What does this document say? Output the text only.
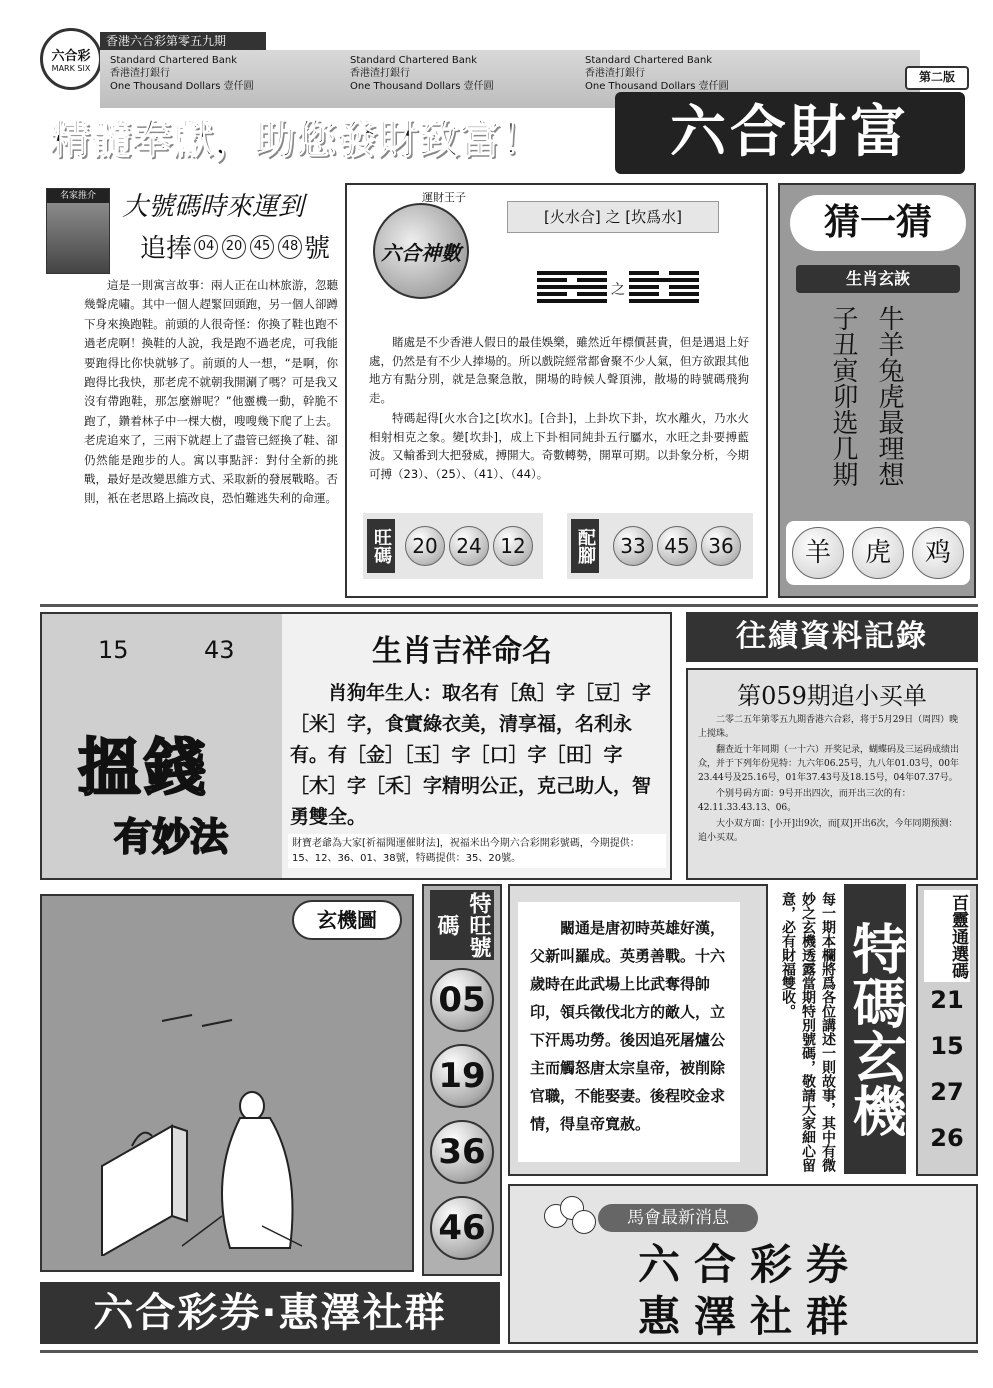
六合彩
MARK SIX
香港六合彩第零五九期
Standard Chartered Bank
香港渣打銀行
One Thousand Dollars 壹仟圓
Standard Chartered Bank
香港渣打銀行
One Thousand Dollars 壹仟圓
Standard Chartered Bank
香港渣打銀行
One Thousand Dollars 壹仟圓
第二版
精髓奉獻，助您發財致富！	六合財富
名家推介	大號碼時來運到
追捧 04 20 45 48 號
這是一則寓言故事：兩人正在山林旅游，忽聽幾聲虎嘯。其中一個人趕緊回頭跑，另一個人卻蹲下身來換跑鞋。前頭的人很奇怪：你換了鞋也跑不過老虎啊！換鞋的人說，我是跑不過老虎，可我能要跑得比你快就够了。前頭的人一想，“是啊，你跑得比我快，那老虎不就朝我開涮了嗎？可是我又沒有帶跑鞋，那怎麼辦呢？”他靈機一動，幹脆不跑了，鑽着林子中一棵大樹，嗖嗖幾下爬了上去。老虎追來了，三兩下就趕上了盡管已經換了鞋、卻仍然能是跑步的人。寓以事點評：對付全新的挑戰，最好是改變思維方式、采取新的發展戰略。否則，衹在老思路上搞改良，恐怕難逃失利的命運。
運財王子
六合神數
[火水合] 之 [坎爲水]
之
賭處是不少香港人假日的最佳娛樂，雖然近年標價甚貴，但是遇退上好處，仍然是有不少人捧場的。所以戲院經常都會聚不少人氣，但方欲跟其他地方有點分別，就是急聚急散，開場的時候人聲頂沸，散場的時號碼飛狗走。
特碼起得[火水合]之[坎水]。[合卦]，上卦坎下卦，坎水離火，乃水火相射相克之象。變[坎卦]，成上下卦相同純卦五行屬水，水旺之卦要搏藍波。又輸番到大把發威，搏開大。奇數轉勢，開單可期。以卦象分析，今期可搏（23）、（25）、（41）、（44）。
旺碼	20 24 12	配腳	33 45 36
猜一猜
生肖玄詼
牛羊兔虎最理想
子丑寅卯选几期
羊	虎	鸡
15	43
搵錢
有妙法
生肖吉祥命名
肖狗年生人：取名有［魚］字［豆］字［米］字，食實綠衣美，清享福，名利永有。有［金］［玉］字［口］字［田］字［木］字［禾］字精明公正，克己助人，智勇雙全。
財寶老爺為大家[祈福聞運催財法]，祝福米出今期六合彩開彩號碼，今期提供：15、12、36、01、38號，特碼提供：35、20號。
往績資料記錄
第059期追小买单
二零二五年第零五九期香港六合彩，将于5月29日（周四）晚上搅珠。
翻查近十年同期（一十六）开奖记录，蝴蝶码及三运码成绩出众，并于下列年份见特：九六年06.25号，九八年01.03号，00年23.44号及25.16号，01年37.43号及18.15号，04年07.37号。
个别号码方面：9号开出四次，而开出三次的有：42.11.33.43.13、06。
大小双方面：[小开]出9次，而[双]开出6次，今年同期预测：追小买双。
玄機圖	特旺號碼
05
19
36
46
闞通是唐初時英雄好漢，父新叫羅成。英勇善戰。十六歲時在此武場上比武奪得帥印，領兵徵伐北方的敵人，立下汗馬功勞。後因追死屠爐公主而觸怒唐太宗皇帝，被削除官職，不能娶妻。後程咬金求情，得皇帝寬赦。	每一期本欄將爲各位講述一則故事，其中有微妙之玄機透露當期特別號碼，敬請大家細心留意，必有財福雙收。 特碼玄機	百靈通選碼
21
15
27
26
馬會最新消息
六合彩券
惠澤社群
六合彩券·惠澤社群
